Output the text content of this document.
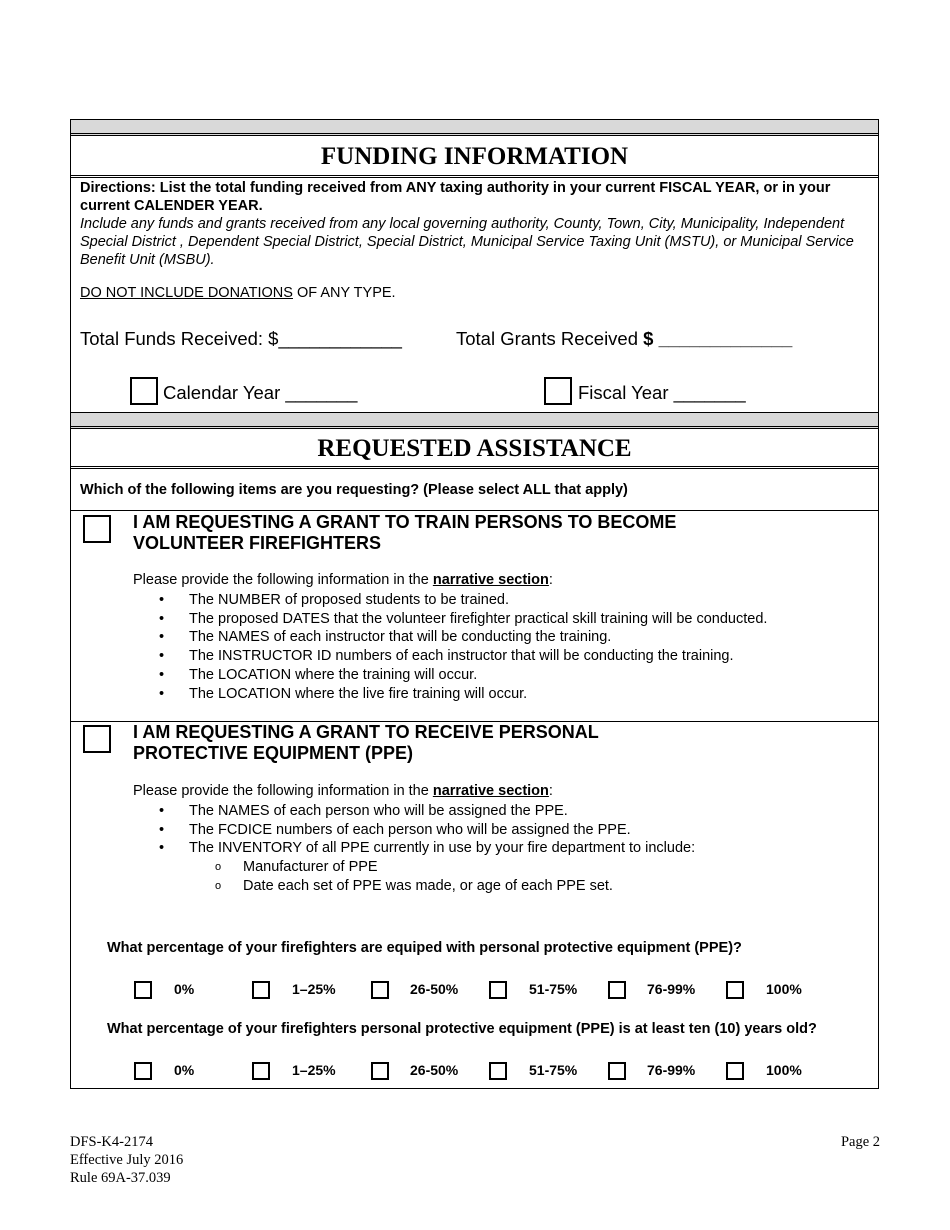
FUNDING INFORMATION
Directions: List the total funding received from ANY taxing authority in your current FISCAL YEAR, or in your current CALENDER YEAR.
Include any funds and grants received from any local governing authority, County, Town, City, Municipality, Independent Special District , Dependent Special District, Special District, Municipal Service Taxing Unit (MSTU), or Municipal Service Benefit Unit (MSBU).
DO NOT INCLUDE DONATIONS OF ANY TYPE.
Total Funds Received: $____________	Total Grants Received $ _____________
Calendar Year _______	Fiscal Year _______
REQUESTED ASSISTANCE
Which of the following items are you requesting? (Please select ALL that apply)
I AM REQUESTING A GRANT TO TRAIN PERSONS TO BECOME
VOLUNTEER FIREFIGHTERS
Please provide the following information in the narrative section:
• The NUMBER of proposed students to be trained.
• The proposed DATES that the volunteer firefighter practical skill training will be conducted.
• The NAMES of each instructor that will be conducting the training.
• The INSTRUCTOR ID numbers of each instructor that will be conducting the training.
• The LOCATION where the training will occur.
• The LOCATION where the live fire training will occur.
I AM REQUESTING A GRANT TO RECEIVE PERSONAL
PROTECTIVE EQUIPMENT (PPE)
Please provide the following information in the narrative section:
• The NAMES of each person who will be assigned the PPE.
• The FCDICE numbers of each person who will be assigned the PPE.
• The INVENTORY of all PPE currently in use by your fire department to include:
o Manufacturer of PPE
o Date each set of PPE was made, or age of each PPE set.
What percentage of your firefighters are equiped with personal protective equipment (PPE)?
0%	1–25%	26-50%	51-75%	76-99%	100%
What percentage of your firefighters personal protective equipment (PPE) is at least ten (10) years old?
0%	1–25%	26-50%	51-75%	76-99%	100%
DFS-K4-2174
Effective July 2016
Rule 69A-37.039
Page 2
